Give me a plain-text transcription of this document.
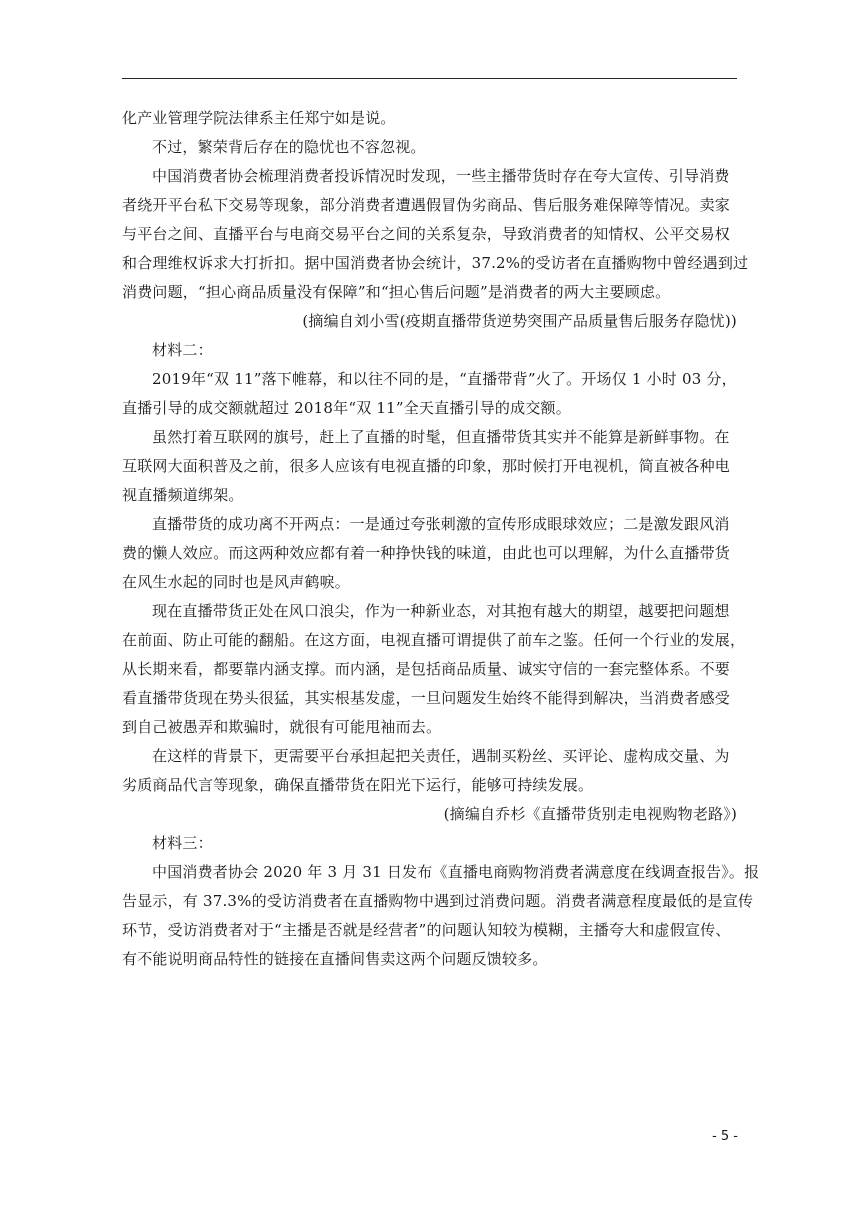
化产业管理学院法律系主任郑宁如是说。
不过，繁荣背后存在的隐忧也不容忽视。
中国消费者协会梳理消费者投诉情况时发现，一些主播带货时存在夸大宣传、引导消费
者绕开平台私下交易等现象，部分消费者遭遇假冒伪劣商品、售后服务难保障等情况。卖家
与平台之间、直播平台与电商交易平台之间的关系复杂，导致消费者的知情权、公平交易权
和合理维权诉求大打折扣。据中国消费者协会统计，37.2%的受访者在直播购物中曾经遇到过
消费问题，“担心商品质量没有保障”和“担心售后问题”是消费者的两大主要顾虑。
(摘编自刘小雪(疫期直播带货逆势突围产品质量售后服务存隐忧))
材料二：
2019年“双 11”落下帷幕，和以往不同的是，“直播带背”火了。开场仅 1 小时 03 分，
直播引导的成交额就超过 2018年“双 11”全天直播引导的成交额。
虽然打着互联网的旗号，赶上了直播的时髦，但直播带货其实并不能算是新鲜事物。在
互联网大面积普及之前，很多人应该有电视直播的印象，那时候打开电视机，简直被各种电
视直播频道绑架。
直播带货的成功离不开两点：一是通过夸张刺激的宣传形成眼球效应；二是激发跟风消
费的懒人效应。而这两种效应都有着一种挣快钱的味道，由此也可以理解，为什么直播带货
在风生水起的同时也是风声鹤唳。
现在直播带货正处在风口浪尖，作为一种新业态，对其抱有越大的期望，越要把问题想
在前面、防止可能的翻船。在这方面，电视直播可谓提供了前车之鉴。任何一个行业的发展，
从长期来看，都要靠内涵支撑。而内涵，是包括商品质量、诚实守信的一套完整体系。不要
看直播带货现在势头很猛，其实根基发虚，一旦问题发生始终不能得到解决，当消费者感受
到自己被愚弄和欺骗时，就很有可能甩袖而去。
在这样的背景下，更需要平台承担起把关责任，遇制买粉丝、买评论、虚构成交量、为
劣质商品代言等现象，确保直播带货在阳光下运行，能够可持续发展。
(摘编自乔杉《直播带货别走电视购物老路》)
材料三：
中国消费者协会 2020 年 3 月 31 日发布《直播电商购物消费者满意度在线调查报告》。报
告显示，有 37.3%的受访消费者在直播购物中遇到过消费问题。消费者满意程度最低的是宣传
环节，受访消费者对于“主播是否就是经营者”的问题认知较为模糊，主播夸大和虚假宣传、
有不能说明商品特性的链接在直播间售卖这两个问题反馈较多。
- 5 -
